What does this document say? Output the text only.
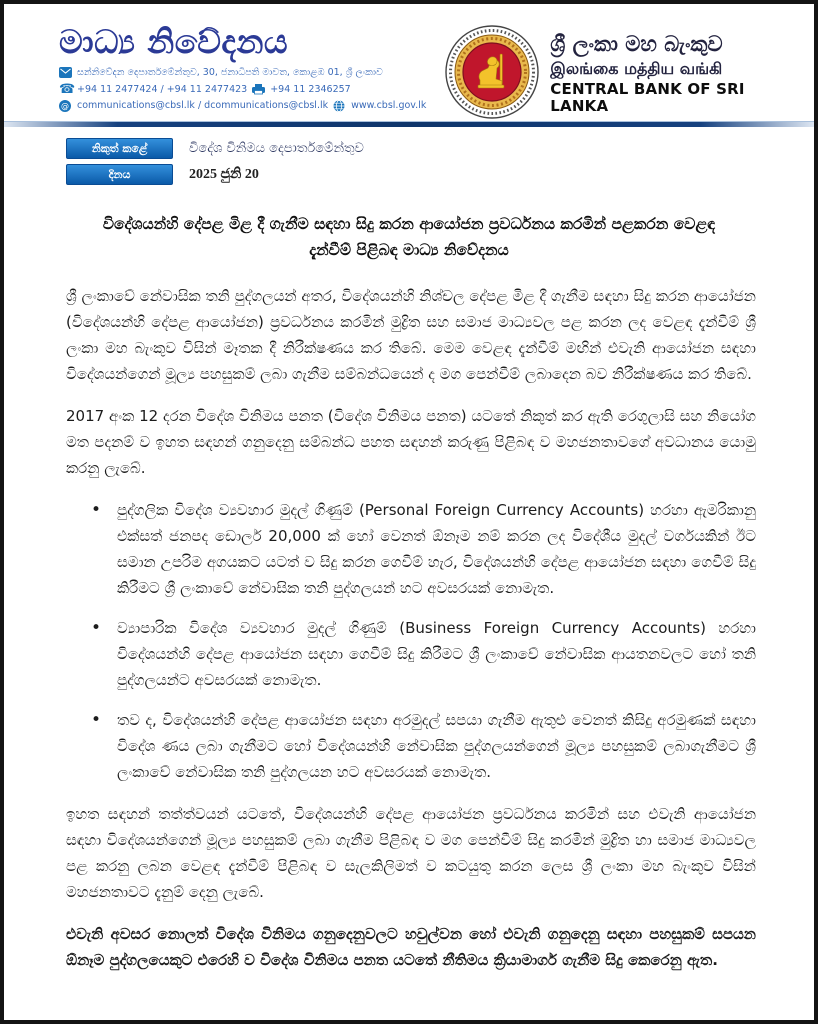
මාධ්‍ය නිවේදනය
සන්නිවේදන දෙපාර්තමේන්තුව, 30, ජනාධිපති මාවත, කොළඹ 01, ශ්‍රී ලංකාව
☎ +94 11 2477424 / +94 11 2477423 +94 11 2346257
@ communications@cbsl.lk / dcommunications@cbsl.lk www.cbsl.gov.lk
ශ්‍රී ලංකා මහ බැංකුව
இலங்கை மத்திய வங்கி
CENTRAL BANK OF SRI LANKA
නිකුත් කළේ	විදේශ විනිමය දෙපාර්තමේන්තුව
දිනය	2025 ජුනි 20
විදේශයන්හි දේපළ මිළ දී ගැනීම සඳහා සිදු කරන ආයෝජන ප්‍රවර්ධනය කරමින් පළකරන වෙළඳ දැන්වීම් පිළිබඳ මාධ්‍ය නිවේදනය

ශ්‍රී ලංකාවේ නේවාසික තනි පුද්ගලයන් අතර, විදේශයන්හි නිශ්චල දේපළ මිළ දී ගැනීම සඳහා සිදු කරන ආයෝජන (විදේශයන්හි දේපළ ආයෝජන) ප්‍රවර්ධනය කරමින් මුද්‍රිත සහ සමාජ මාධ්‍යවල පළ කරන ලද වෙළඳ දැන්වීම් ශ්‍රී ලංකා මහ බැංකුව විසින් මෑතක දී නිරීක්ෂණය කර තිබේ. මෙම වෙළඳ දැන්වීම් මඟින් එවැනි ආයෝජන සඳහා විදේශයන්ගෙන් මූල්‍ය පහසුකම් ලබා ගැනීම සම්බන්ධයෙන් ද මග පෙන්වීම් ලබාදෙන බව නිරීක්ෂණය කර තිබේ.

2017 අංක 12 දරන විදේශ විනිමය පනත (විදේශ විනිමය පනත) යටතේ නිකුත් කර ඇති රෙගුලාසි සහ නියෝග මත පදනම් ව ඉහත සඳහන් ගනුදෙනු සම්බන්ධ පහත සඳහන් කරුණු පිළිබඳ ව මහජනතාවගේ අවධානය යොමු කරනු ලැබේ.

• පුද්ගලික විදේශ ව්‍යවහාර මුදල් ගිණුම් (Personal Foreign Currency Accounts) හරහා ඇමරිකානු එක්සත් ජනපද ඩොලර් 20,000 ක් හෝ වෙනත් ඕනෑම නම් කරන ලද විදේශීය මුදල් වර්ගයකින් ඊට සමාන උපරිම අගයකට යටත් ව සිදු කරන ගෙවීම් හැර, විදේශයන්හි දේපළ ආයෝජන සඳහා ගෙවීම් සිදු කිරීමට ශ්‍රී ලංකාවේ නේවාසික තනි පුද්ගලයන් හට අවසරයක් නොමැත.
• ව්‍යාපාරික විදේශ ව්‍යවහාර මුදල් ගිණුම් (Business Foreign Currency Accounts) හරහා විදේශයන්හි දේපළ ආයෝජන සඳහා ගෙවීම් සිදු කිරීමට ශ්‍රී ලංකාවේ නේවාසික ආයතනවලට හෝ තනි පුද්ගලයන්ට අවසරයක් නොමැත.
• තව ද, විදේශයන්හි දේපළ ආයෝජන සඳහා අරමුදල් සපයා ගැනීම ඇතුළු වෙනත් කිසිදු අරමුණක් සඳහා විදේශ ණය ලබා ගැනීමට හෝ විදේශයන්හි නේවාසික පුද්ගලයන්ගෙන් මූල්‍ය පහසුකම් ලබාගැනීමට ශ්‍රී ලංකාවේ නේවාසික තනි පුද්ගලයන හට අවසරයක් නොමැත.

ඉහත සඳහන් තත්ත්වයන් යටතේ, විදේශයන්හි දේපළ ආයෝජන ප්‍රවර්ධනය කරමින් සහ එවැනි ආයෝජන සඳහා විදේශයන්ගෙන් මූල්‍ය පහසුකම් ලබා ගැනීම පිළිබඳ ව මග පෙන්වීම් සිදු කරමින් මුද්‍රිත හා සමාජ මාධ්‍යවල පළ කරනු ලබන වෙළඳ දැන්වීම් පිළිබඳ ව සැලකිලිමත් ව කටයුතු කරන ලෙස ශ්‍රී ලංකා මහ බැංකුව විසින් මහජනතාවට දැනුම් දෙනු ලැබේ.

එවැනි අවසර නොලත් විදේශ විනිමය ගනුදෙනුවලට හවුල්වන හෝ එවැනි ගනුදෙනු සඳහා පහසුකම් සපයන ඕනෑම පුද්ගලයෙකුට එරෙහි ව විදේශ විනිමය පනත යටතේ නීතිමය ක්‍රියාමාර්ග ගැනීම සිදු කෙරෙනු ඇත.
